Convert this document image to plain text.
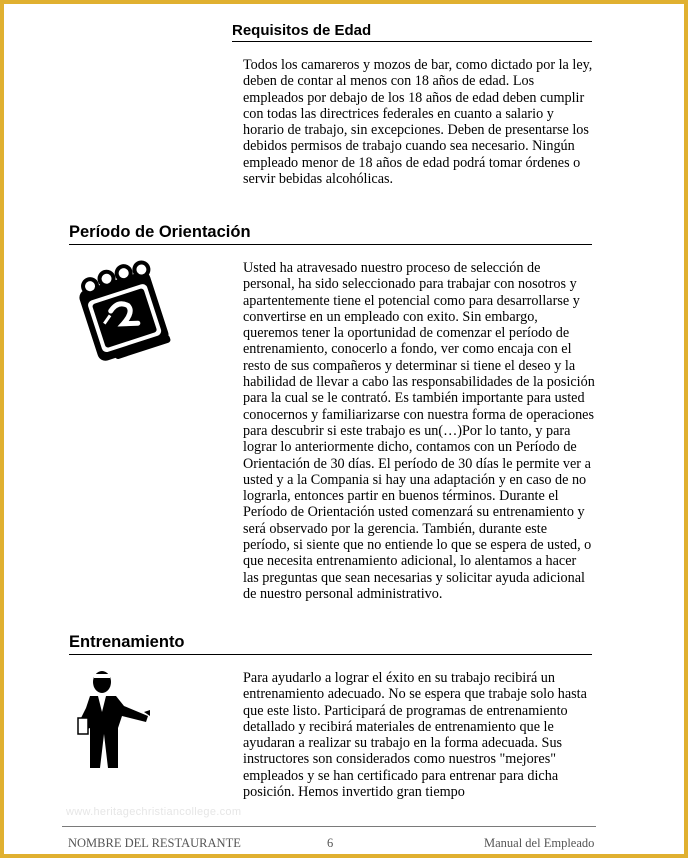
Requisitos de Edad

Todos los camareros y mozos de bar, como dictado por la ley, deben de contar al menos con 18 años de edad. Los empleados por debajo de los 18 años de edad deben cumplir con todas las directrices federales en cuanto a salario y horario de trabajo, sin excepciones. Deben de presentarse los debidos permisos de trabajo cuando sea necesario. Ningún empleado menor de 18 años de edad podrá tomar órdenes o servir bebidas alcohólicas.

Período de Orientación

Usted ha atravesado nuestro proceso de selección de personal, ha sido seleccionado para trabajar con nosotros y apartentemente tiene el potencial como para desarrollarse y convertirse en un empleado con exito. Sin embargo, queremos tener la oportunidad de comenzar el período de entrenamiento, conocerlo a fondo, ver como encaja con el resto de sus compañeros y determinar si tiene el deseo y la habilidad de llevar a cabo las responsabilidades de la posición para la cual se le contrató. Es también importante para usted conocernos y familiarizarse con nuestra forma de operaciones para descubrir si este trabajo es un(…)Por lo tanto, y para lograr lo anteriormente dicho, contamos con un Período de Orientación de 30 días. El período de 30 días le permite ver a usted y a la Compania si hay una adaptación y en caso de no lograrla, entonces partir en buenos términos. Durante el Período de Orientación usted comenzará su entrenamiento y será observado por la gerencia. También, durante este período, si siente que no entiende lo que se espera de usted, o que necesita entrenamiento adicional, lo alentamos a hacer las preguntas que sean necesarias y solicitar ayuda adicional de nuestro personal administrativo.

Entrenamiento

Para ayudarlo a lograr el éxito en su trabajo recibirá un entrenamiento adecuado. No se espera que trabaje solo hasta que este listo. Participará de programas de entrenamiento detallado y recibirá materiales de entrenamiento que le ayudaran a realizar su trabajo en la forma adecuada. Sus instructores son considerados como nuestros "mejores" empleados y se han certificado para entrenar para dicha posición. Hemos invertido gran tiempo

www.heritagechristiancollege.com
NOMBRE DEL RESTAURANTE	6	Manual del Empleado
